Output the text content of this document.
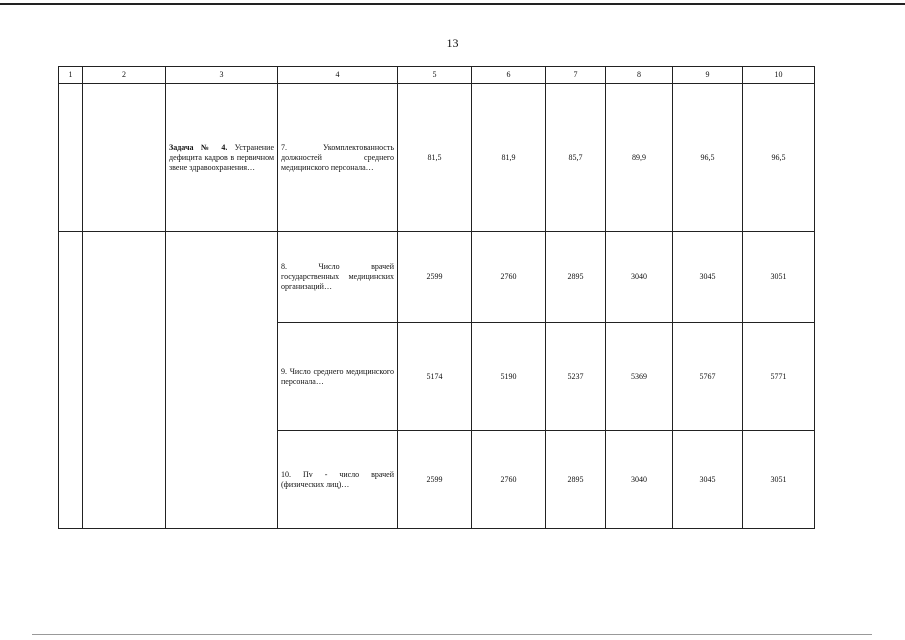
13
1	2	3	4	5	6	7	8	9	10
		Задача № 4. Устранение дефицита кадров в первичном звене здравоохранения…	7. Укомплектованность должностей среднего медицинского персонала…	81,5	81,9	85,7	89,9	96,5	96,5
			8. Число врачей государственных медицинских организаций…	2599	2760	2895	3040	3045	3051
			9. Число среднего медицинского персонала…	5174	5190	5237	5369	5767	5771
			10. Пv - число врачей (физических лиц)…	2599	2760	2895	3040	3045	3051
